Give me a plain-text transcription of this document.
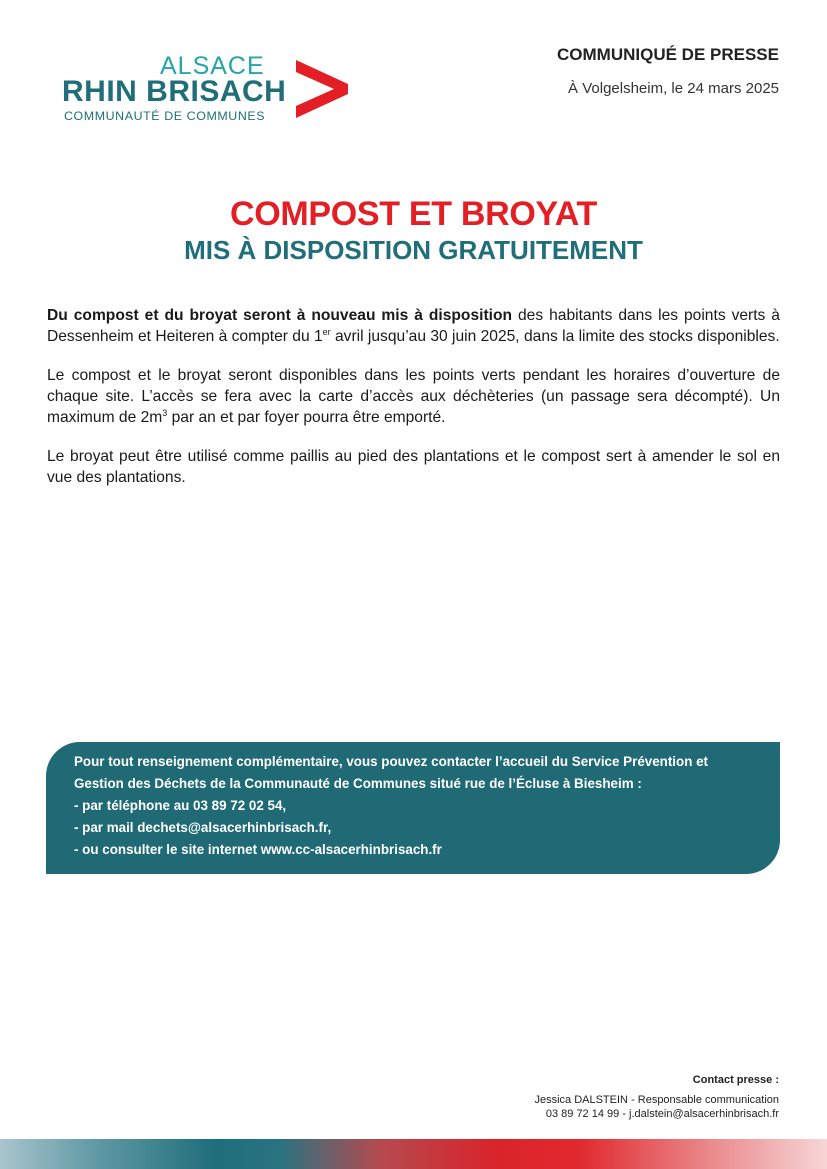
ALSACE
RHIN BRISACH
COMMUNAUTÉ DE COMMUNES
COMMUNIQUÉ DE PRESSE
À Volgelsheim, le 24 mars 2025
COMPOST ET BROYAT
MIS À DISPOSITION GRATUITEMENT

Du compost et du broyat seront à nouveau mis à disposition des habitants dans les points verts à Dessenheim et Heiteren à compter du 1er avril jusqu’au 30 juin 2025, dans la limite des stocks disponibles.

Le compost et le broyat seront disponibles dans les points verts pendant les horaires d’ouverture de chaque site. L’accès se fera avec la carte d’accès aux déchèteries (un passage sera décompté). Un maximum de $2m^3$ par an et par foyer pourra être emporté.

Le broyat peut être utilisé comme paillis au pied des plantations et le compost sert à amender le sol en vue des plantations.

Pour tout renseignement complémentaire, vous pouvez contacter l’accueil du Service Prévention et
Gestion des Déchets de la Communauté de Communes situé rue de l’Écluse à Biesheim :
- par téléphone au 03 89 72 02 54,
- par mail dechets@alsacerhinbrisach.fr,
- ou consulter le site internet www.cc-alsacerhinbrisach.fr
Contact presse :
Jessica DALSTEIN - Responsable communication
03 89 72 14 99 - j.dalstein@alsacerhinbrisach.fr
